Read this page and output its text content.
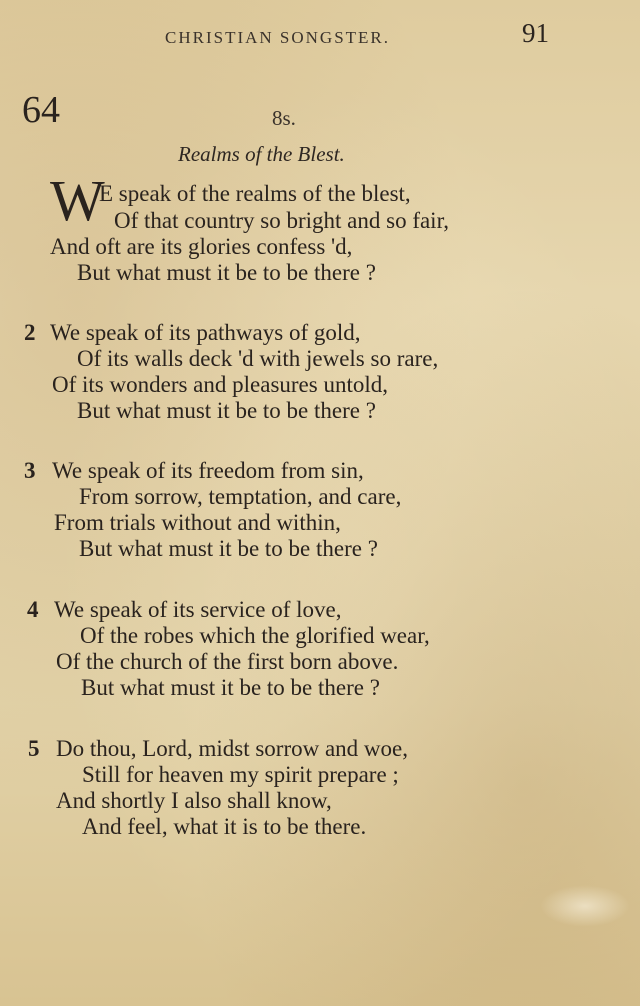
CHRISTIAN SONGSTER.	91
64	8s.
Realms of the Blest.
W
E speak of the realms of the blest,
Of that country so bright and so fair,
And oft are its glories confess 'd,
But what must it be to be there ?
2 We speak of its pathways of gold,
Of its walls deck 'd with jewels so rare,
Of its wonders and pleasures untold,
But what must it be to be there ?
3 We speak of its freedom from sin,
From sorrow, temptation, and care,
From trials without and within,
But what must it be to be there ?
4 We speak of its service of love,
Of the robes which the glorified wear,
Of the church of the first born above.
But what must it be to be there ?
5 Do thou, Lord, midst sorrow and woe,
Still for heaven my spirit prepare ;
And shortly I also shall know,
And feel, what it is to be there.
